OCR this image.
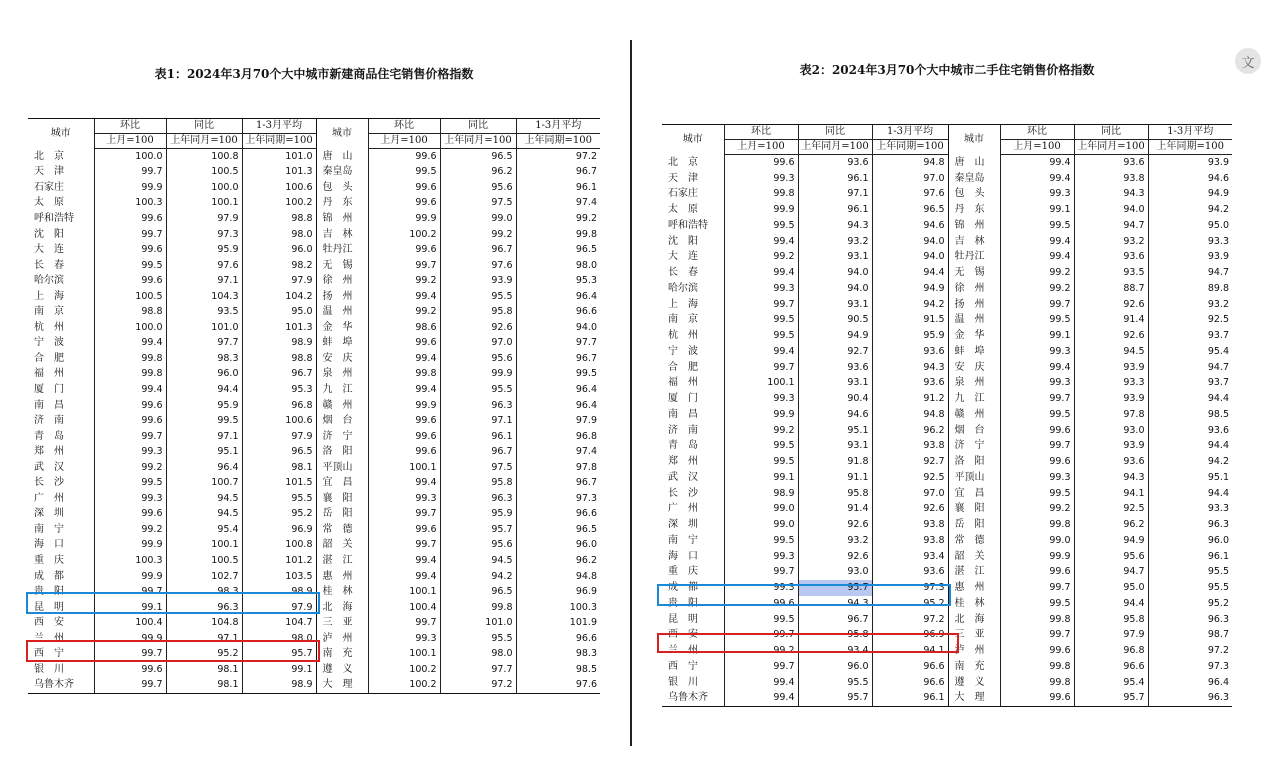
文
表1：2024年3月70个大中城市新建商品住宅销售价格指数
城市	环比	同比	1-3月平均	城市	环比	同比	1-3月平均
	上月=100	上年同月=100	上年同期=100		上月=100	上年同月=100	上年同期=100
北　京	100.0	100.8	101.0	唐　山	99.6	96.5	97.2
天　津	99.7	100.5	101.3	秦皇岛	99.5	96.2	96.7
石家庄	99.9	100.0	100.6	包　头	99.6	95.6	96.1
太　原	100.3	100.1	100.2	丹　东	99.6	97.5	97.4
呼和浩特	99.6	97.9	98.8	锦　州	99.9	99.0	99.2
沈　阳	99.7	97.3	98.0	吉　林	100.2	99.2	99.8
大　连	99.6	95.9	96.0	牡丹江	99.6	96.7	96.5
长　春	99.5	97.6	98.2	无　锡	99.7	97.6	98.0
哈尔滨	99.6	97.1	97.9	徐　州	99.2	93.9	95.3
上　海	100.5	104.3	104.2	扬　州	99.4	95.5	96.4
南　京	98.8	93.5	95.0	温　州	99.2	95.8	96.6
杭　州	100.0	101.0	101.3	金　华	98.6	92.6	94.0
宁　波	99.4	97.7	98.9	蚌　埠	99.6	97.0	97.7
合　肥	99.8	98.3	98.8	安　庆	99.4	95.6	96.7
福　州	99.8	96.0	96.7	泉　州	99.8	99.9	99.5
厦　门	99.4	94.4	95.3	九　江	99.4	95.5	96.4
南　昌	99.6	95.9	96.8	赣　州	99.9	96.3	96.4
济　南	99.6	99.5	100.6	烟　台	99.6	97.1	97.9
青　岛	99.7	97.1	97.9	济　宁	99.6	96.1	96.8
郑　州	99.3	95.1	96.5	洛　阳	99.6	96.7	97.4
武　汉	99.2	96.4	98.1	平顶山	100.1	97.5	97.8
长　沙	99.5	100.7	101.5	宜　昌	99.4	95.8	96.7
广　州	99.3	94.5	95.5	襄　阳	99.3	96.3	97.3
深　圳	99.6	94.5	95.2	岳　阳	99.7	95.9	96.6
南　宁	99.2	95.4	96.9	常　德	99.6	95.7	96.5
海　口	99.9	100.1	100.8	韶　关	99.7	95.6	96.0
重　庆	100.3	100.5	101.2	湛　江	99.4	94.5	96.2
成　都	99.9	102.7	103.5	惠　州	99.4	94.2	94.8
贵　阳	99.7	98.3	98.9	桂　林	100.1	96.5	96.9
昆　明	99.1	96.3	97.9	北　海	100.4	99.8	100.3
西　安	100.4	104.8	104.7	三　亚	99.7	101.0	101.9
兰　州	99.9	97.1	98.0	泸　州	99.3	95.5	96.6
西　宁	99.7	95.2	95.7	南　充	100.1	98.0	98.3
银　川	99.6	98.1	99.1	遵　义	100.2	97.7	98.5
乌鲁木齐	99.7	98.1	98.9	大　理	100.2	97.2	97.6
表2：2024年3月70个大中城市二手住宅销售价格指数
城市	环比	同比	1-3月平均	城市	环比	同比	1-3月平均
	上月=100	上年同月=100	上年同期=100		上月=100	上年同月=100	上年同期=100
北　京	99.6	93.6	94.8	唐　山	99.4	93.6	93.9
天　津	99.3	96.1	97.0	秦皇岛	99.4	93.8	94.6
石家庄	99.8	97.1	97.6	包　头	99.3	94.3	94.9
太　原	99.9	96.1	96.5	丹　东	99.1	94.0	94.2
呼和浩特	99.5	94.3	94.6	锦　州	99.5	94.7	95.0
沈　阳	99.4	93.2	94.0	吉　林	99.4	93.2	93.3
大　连	99.2	93.1	94.0	牡丹江	99.4	93.6	93.9
长　春	99.4	94.0	94.4	无　锡	99.2	93.5	94.7
哈尔滨	99.3	94.0	94.9	徐　州	99.2	88.7	89.8
上　海	99.7	93.1	94.2	扬　州	99.7	92.6	93.2
南　京	99.5	90.5	91.5	温　州	99.5	91.4	92.5
杭　州	99.5	94.9	95.9	金　华	99.1	92.6	93.7
宁　波	99.4	92.7	93.6	蚌　埠	99.3	94.5	95.4
合　肥	99.7	93.6	94.3	安　庆	99.4	93.9	94.7
福　州	100.1	93.1	93.6	泉　州	99.3	93.3	93.7
厦　门	99.3	90.4	91.2	九　江	99.7	93.9	94.4
南　昌	99.9	94.6	94.8	赣　州	99.5	97.8	98.5
济　南	99.2	95.1	96.2	烟　台	99.6	93.0	93.6
青　岛	99.5	93.1	93.8	济　宁	99.7	93.9	94.4
郑　州	99.5	91.8	92.7	洛　阳	99.6	93.6	94.2
武　汉	99.1	91.1	92.5	平顶山	99.3	94.3	95.1
长　沙	98.9	95.8	97.0	宜　昌	99.5	94.1	94.4
广　州	99.0	91.4	92.6	襄　阳	99.2	92.5	93.3
深　圳	99.0	92.6	93.8	岳　阳	99.8	96.2	96.3
南　宁	99.5	93.2	93.8	常　德	99.0	94.9	96.0
海　口	99.3	92.6	93.4	韶　关	99.9	95.6	96.1
重　庆	99.7	93.0	93.6	湛　江	99.6	94.7	95.5
成　都	99.3	95.7	97.3	惠　州	99.7	95.0	95.5
贵　阳	99.6	94.3	95.2	桂　林	99.5	94.4	95.2
昆　明	99.5	96.7	97.2	北　海	99.8	95.8	96.3
西　安	99.7	95.8	96.9	三　亚	99.7	97.9	98.7
兰　州	99.2	93.4	94.1	泸　州	99.6	96.8	97.2
西　宁	99.7	96.0	96.6	南　充	99.8	96.6	97.3
银　川	99.4	95.5	96.6	遵　义	99.8	95.4	96.4
乌鲁木齐	99.4	95.7	96.1	大　理	99.6	95.7	96.3
